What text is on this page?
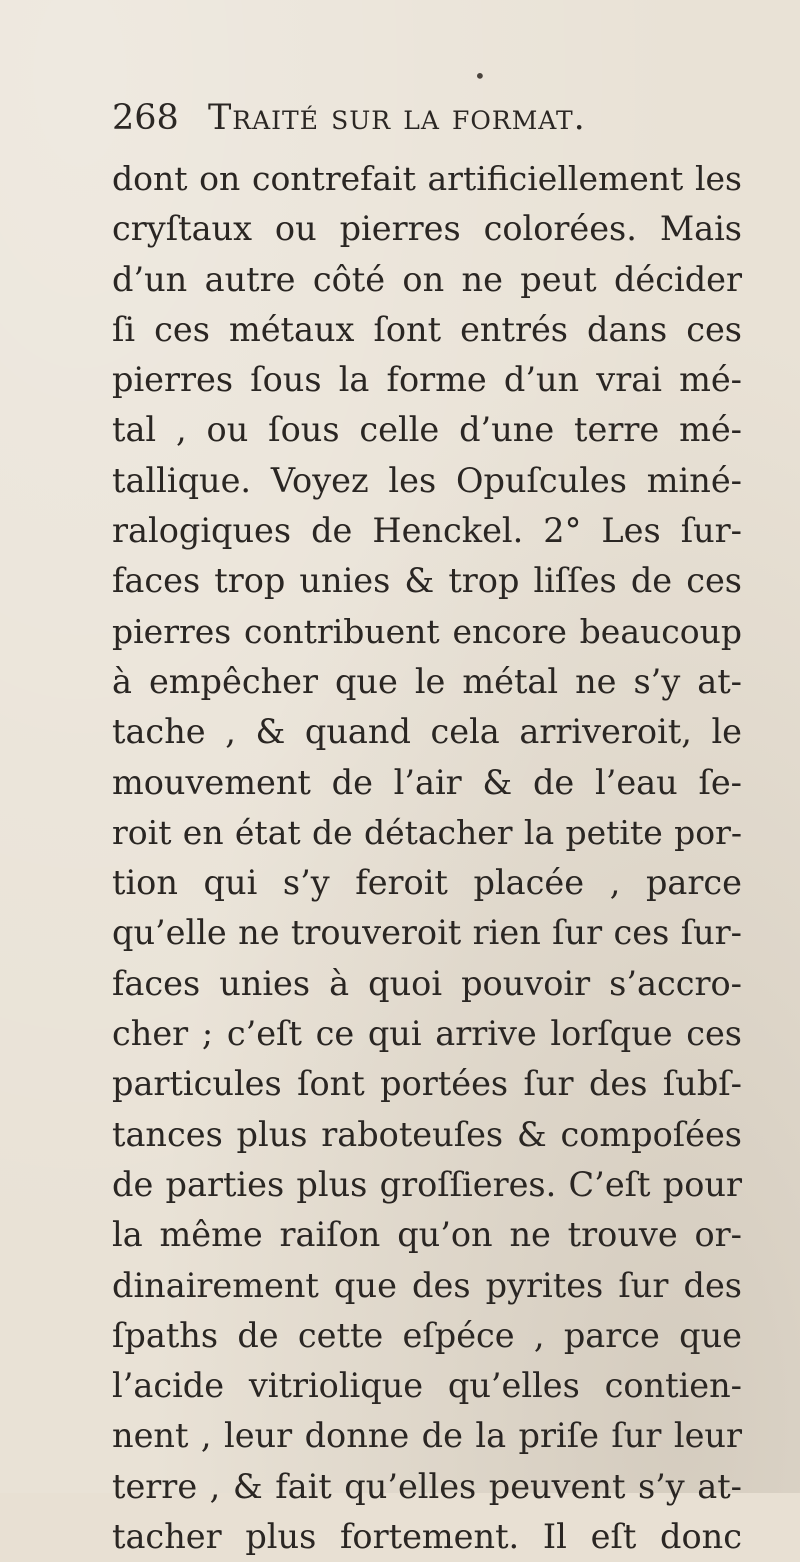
•
268 Traité sur la format.
dont on contrefait artificiellement les
cryſtaux ou pierres colorées. Mais
d’un autre côté on ne peut décider
ſi ces métaux ſont entrés dans ces
pierres ſous la forme d’un vrai mé-
tal , ou ſous celle d’une terre mé-
tallique. Voyez les Opuſcules miné-
ralogiques de Henckel. 2° Les ſur-
faces trop unies & trop liſſes de ces
pierres contribuent encore beaucoup
à empêcher que le métal ne s’y at-
tache , & quand cela arriveroit, le
mouvement de l’air & de l’eau ſe-
roit en état de détacher la petite por-
tion qui s’y feroit placée , parce
qu’elle ne trouveroit rien ſur ces ſur-
faces unies à quoi pouvoir s’accro-
cher ; c’eſt ce qui arrive lorſque ces
particules ſont portées ſur des ſubſ-
tances plus raboteuſes & compoſées
de parties plus groſſieres. C’eſt pour
la même raiſon qu’on ne trouve or-
dinairement que des pyrites ſur des
ſpaths de cette eſpéce , parce que
l’acide vitriolique qu’elles contien-
nent , leur donne de la priſe ſur leur
terre , & fait qu’elles peuvent s’y at-
tacher plus fortement. Il eſt donc
